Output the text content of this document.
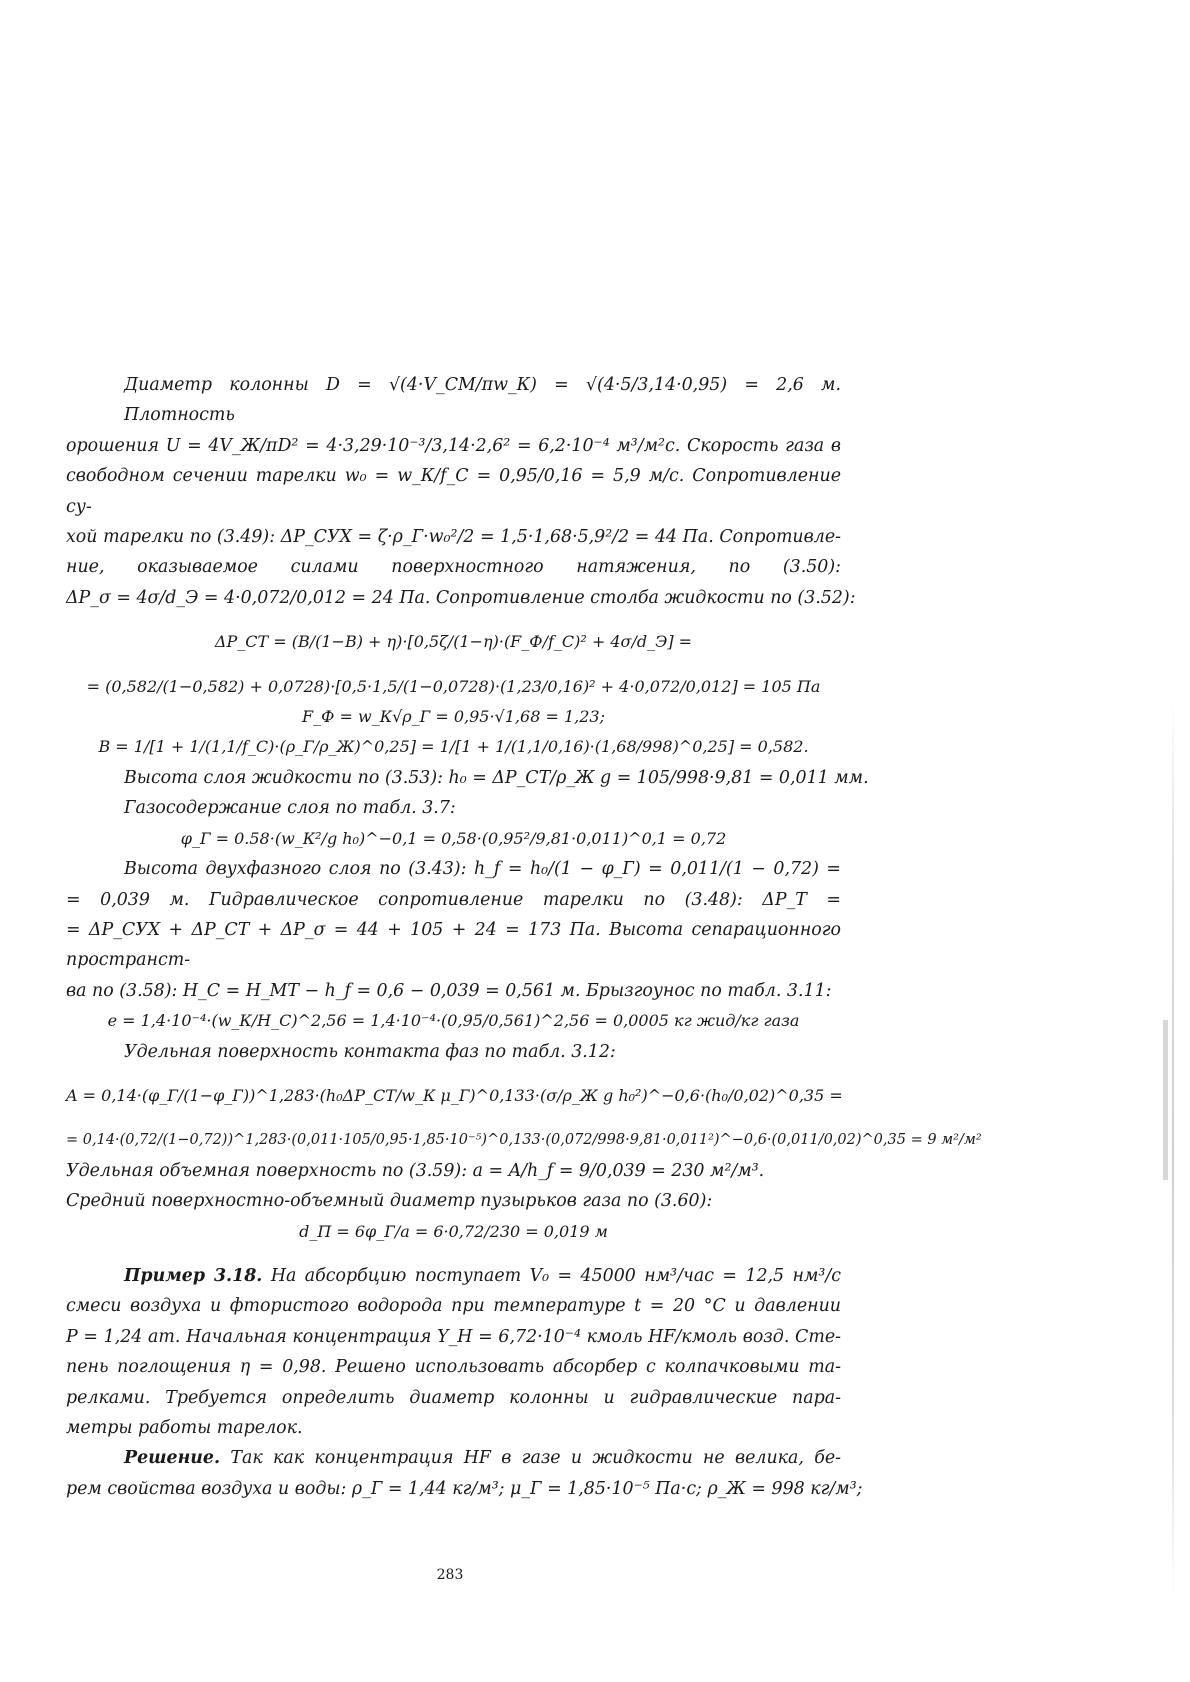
Диаметр колонны D = √(4·V_СМ/πw_К) = √(4·5/3,14·0,95) = 2,6 м. Плотность
орошения U = 4V_Ж/πD² = 4·3,29·10⁻³/3,14·2,6² = 6,2·10⁻⁴ м³/м²с. Скорость газа в
свободном сечении тарелки w₀ = w_К/f_С = 0,95/0,16 = 5,9 м/с. Сопротивление су-
хой тарелки по (3.49): ΔP_СУХ = ζ·ρ_Г·w₀²/2 = 1,5·1,68·5,9²/2 = 44 Па. Сопротивле-
ние, оказываемое силами поверхностного натяжения, по (3.50):
ΔP_σ = 4σ/d_Э = 4·0,072/0,012 = 24 Па. Сопротивление столба жидкости по (3.52):
ΔP_СТ = (B/(1−B) + η)·[0,5ζ/(1−η)·(F_Ф/f_С)² + 4σ/d_Э] =
= (0,582/(1−0,582) + 0,0728)·[0,5·1,5/(1−0,0728)·(1,23/0,16)² + 4·0,072/0,012] = 105 Па
F_Ф = w_К√ρ_Г = 0,95·√1,68 = 1,23;
B = 1/[1 + 1/(1,1/f_С)·(ρ_Г/ρ_Ж)^0,25] = 1/[1 + 1/(1,1/0,16)·(1,68/998)^0,25] = 0,582.
Высота слоя жидкости по (3.53): h₀ = ΔP_СТ/ρ_Ж g = 105/998·9,81 = 0,011 мм.
Газосодержание слоя по табл. 3.7:
φ_Г = 0.58·(w_К²/g h₀)^−0,1 = 0,58·(0,95²/9,81·0,011)^0,1 = 0,72
Высота двухфазного слоя по (3.43): h_f = h₀/(1 − φ_Г) = 0,011/(1 − 0,72) =
= 0,039 м. Гидравлическое сопротивление тарелки по (3.48): ΔP_Т =
= ΔP_СУХ + ΔP_СТ + ΔP_σ = 44 + 105 + 24 = 173 Па. Высота сепарационного пространст-
ва по (3.58): H_С = H_МТ − h_f = 0,6 − 0,039 = 0,561 м. Брызгоунос по табл. 3.11:
e = 1,4·10⁻⁴·(w_К/H_С)^2,56 = 1,4·10⁻⁴·(0,95/0,561)^2,56 = 0,0005 кг жид/кг газа
Удельная поверхность контакта фаз по табл. 3.12:
A = 0,14·(φ_Г/(1−φ_Г))^1,283·(h₀ΔP_СТ/w_К μ_Г)^0,133·(σ/ρ_Ж g h₀²)^−0,6·(h₀/0,02)^0,35 =
= 0,14·(0,72/(1−0,72))^1,283·(0,011·105/0,95·1,85·10⁻⁵)^0,133·(0,072/998·9,81·0,011²)^−0,6·(0,011/0,02)^0,35 = 9 м²/м²
Удельная объемная поверхность по (3.59): a = A/h_f = 9/0,039 = 230 м²/м³.
Средний поверхностно-объемный диаметр пузырьков газа по (3.60):
d_П = 6φ_Г/a = 6·0,72/230 = 0,019 м
Пример 3.18. На абсорбцию поступает V₀ = 45000 нм³/час = 12,5 нм³/с
смеси воздуха и фтористого водорода при температуре t = 20 °C и давлении
P = 1,24 ат. Начальная концентрация Y_Н = 6,72·10⁻⁴ кмоль HF/кмоль возд. Сте-
пень поглощения η = 0,98. Решено использовать абсорбер с колпачковыми та-
релками. Требуется определить диаметр колонны и гидравлические пара-
метры работы тарелок.
Решение. Так как концентрация HF в газе и жидкости не велика, бе-
рем свойства воздуха и воды: ρ_Г = 1,44 кг/м³; μ_Г = 1,85·10⁻⁵ Па·с; ρ_Ж = 998 кг/м³;
283
